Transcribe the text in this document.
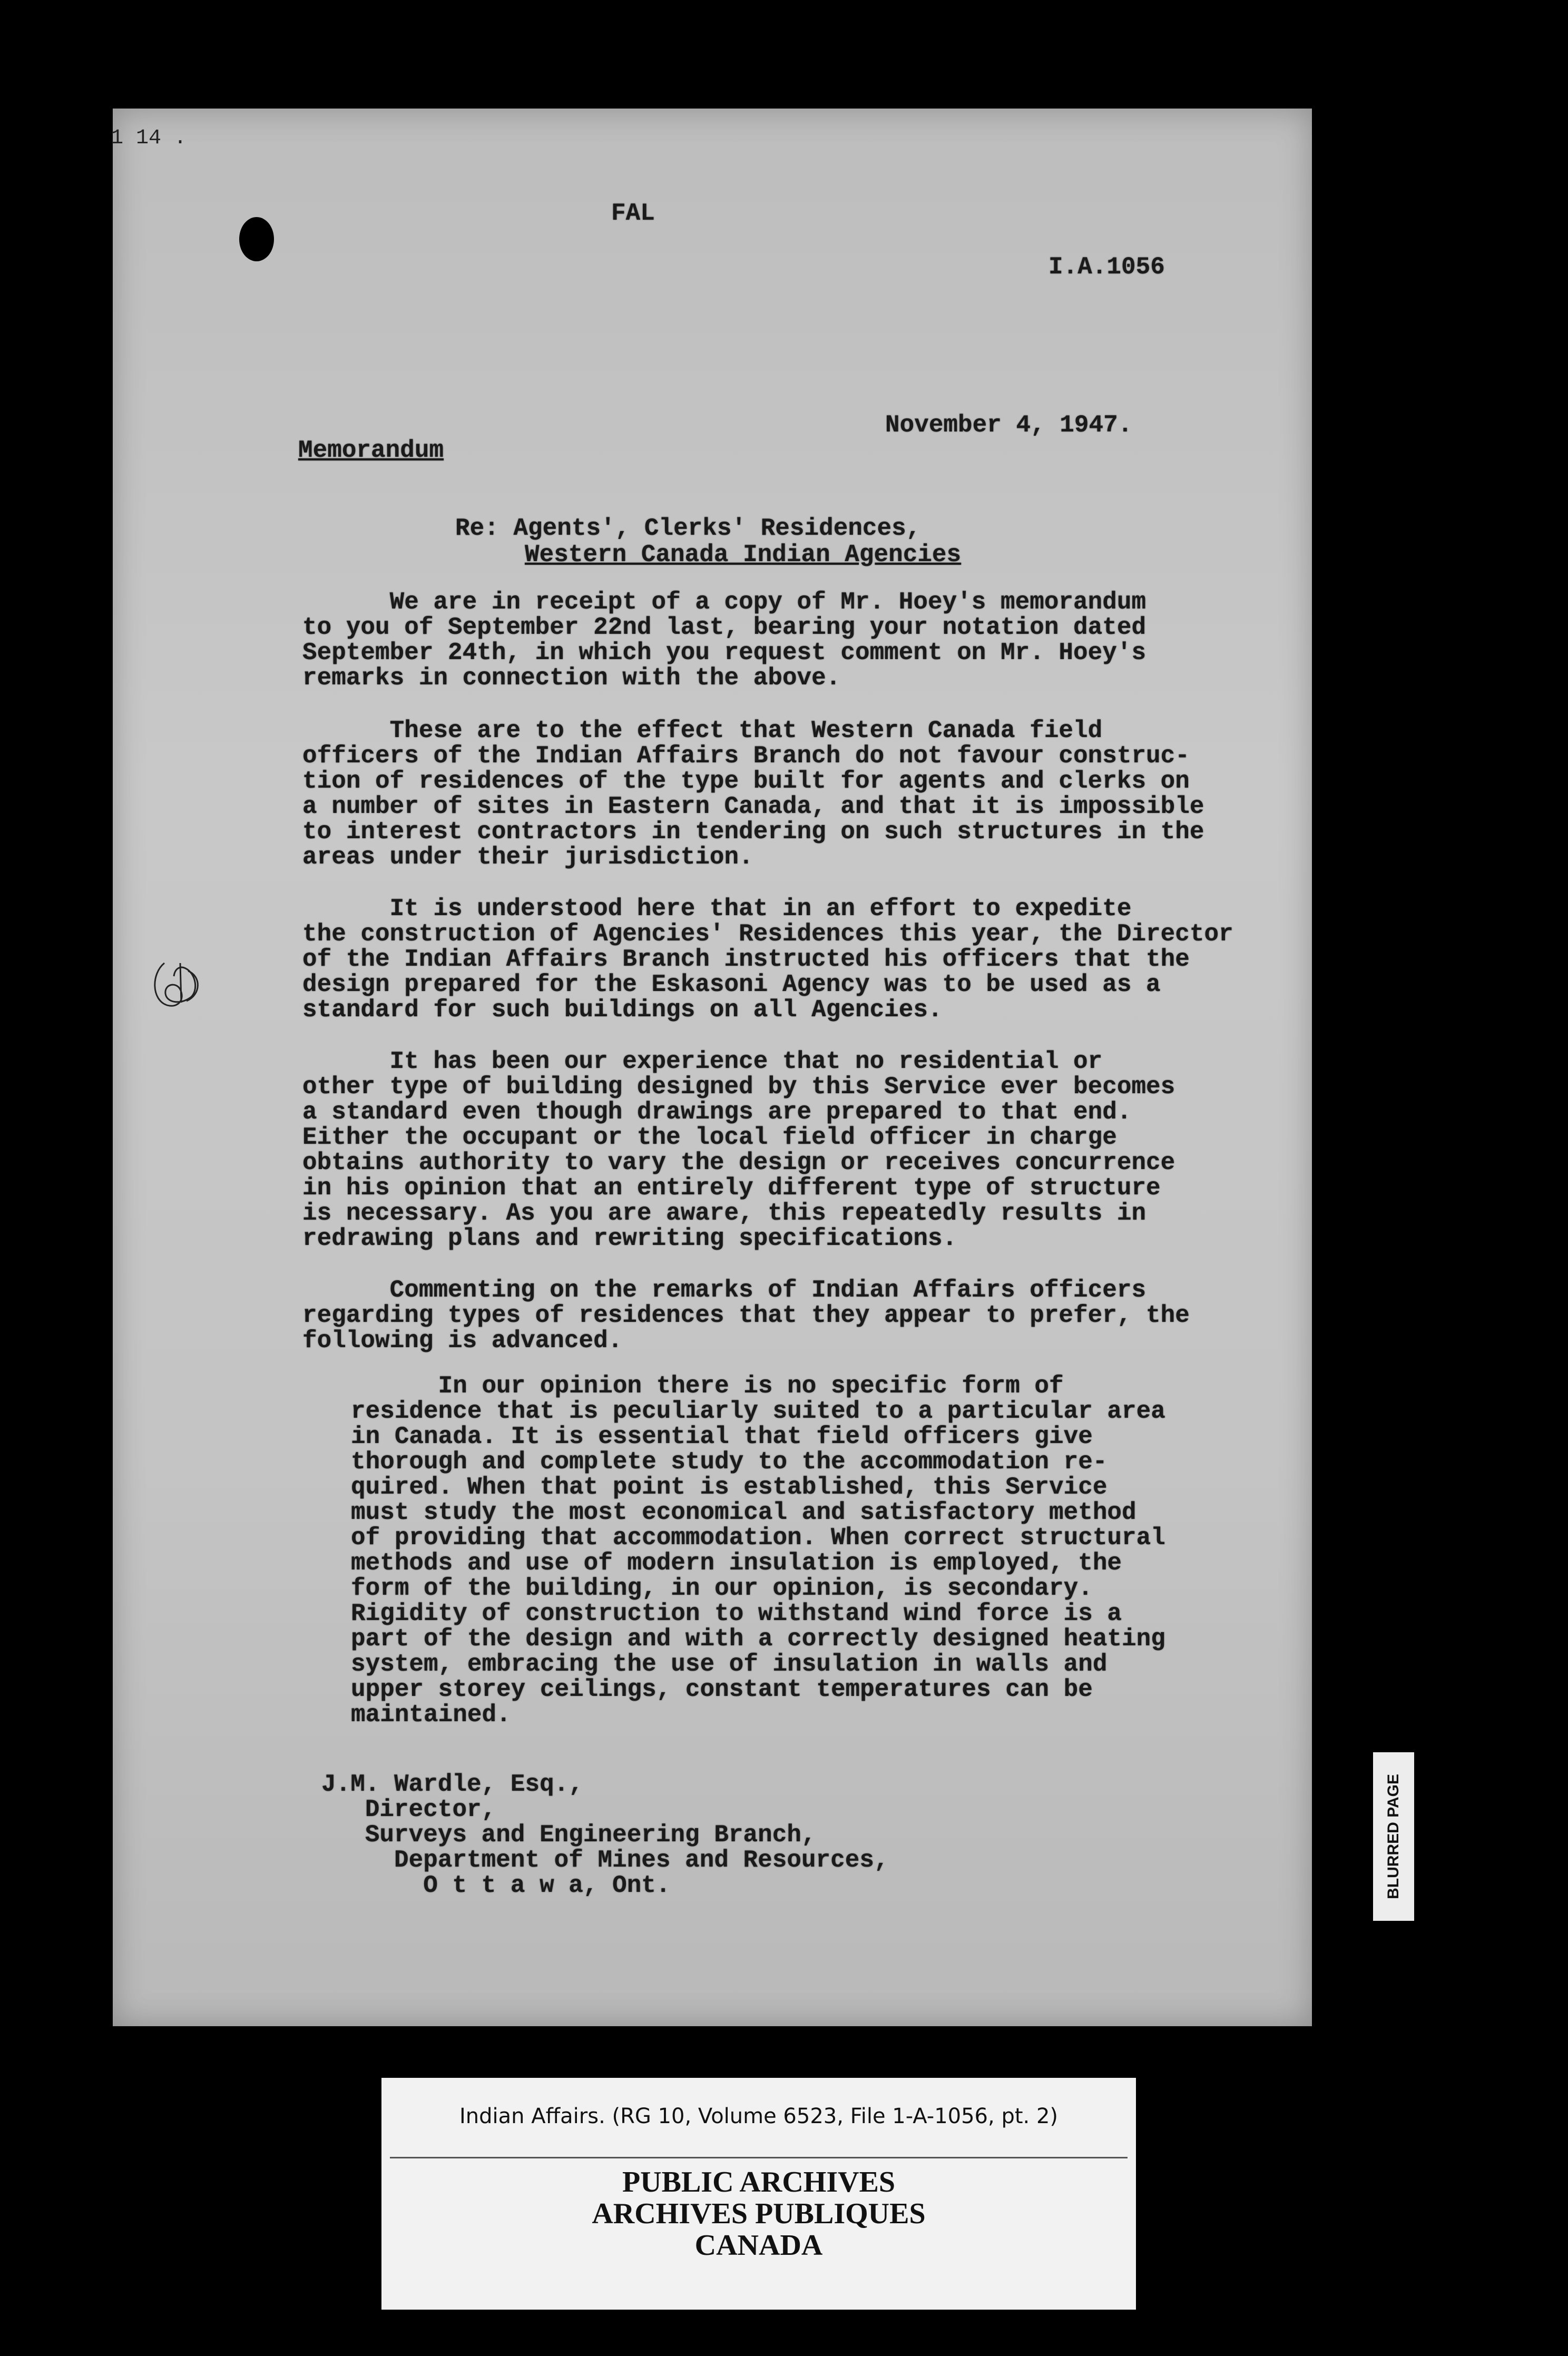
1 14 .
FAL
I.A.1056
November 4, 1947.
Memorandum
Re: Agents', Clerks' Residences,
Western Canada Indian Agencies
We are in receipt of a copy of Mr. Hoey's memorandum
to you of September 22nd last, bearing your notation dated
September 24th, in which you request comment on Mr. Hoey's
remarks in connection with the above.
These are to the effect that Western Canada field
officers of the Indian Affairs Branch do not favour construc-
tion of residences of the type built for agents and clerks on
a number of sites in Eastern Canada, and that it is impossible
to interest contractors in tendering on such structures in the
areas under their jurisdiction.
It is understood here that in an effort to expedite
the construction of Agencies' Residences this year, the Director
of the Indian Affairs Branch instructed his officers that the
design prepared for the Eskasoni Agency was to be used as a
standard for such buildings on all Agencies.
It has been our experience that no residential or
other type of building designed by this Service ever becomes
a standard even though drawings are prepared to that end.
Either the occupant or the local field officer in charge
obtains authority to vary the design or receives concurrence
in his opinion that an entirely different type of structure
is necessary. As you are aware, this repeatedly results in
redrawing plans and rewriting specifications.
Commenting on the remarks of Indian Affairs officers
regarding types of residences that they appear to prefer, the
following is advanced.
In our opinion there is no specific form of
residence that is peculiarly suited to a particular area
in Canada. It is essential that field officers give
thorough and complete study to the accommodation re-
quired. When that point is established, this Service
must study the most economical and satisfactory method
of providing that accommodation. When correct structural
methods and use of modern insulation is employed, the
form of the building, in our opinion, is secondary.
Rigidity of construction to withstand wind force is a
part of the design and with a correctly designed heating
system, embracing the use of insulation in walls and
upper storey ceilings, constant temperatures can be
maintained.
J.M. Wardle, Esq.,
Director,
Surveys and Engineering Branch,
Department of Mines and Resources,
O t t a w a, Ont.	BLURRED PAGE
Indian Affairs. (RG 10, Volume 6523, File 1-A-1056, pt. 2)
PUBLIC ARCHIVES
ARCHIVES PUBLIQUES
CANADA
